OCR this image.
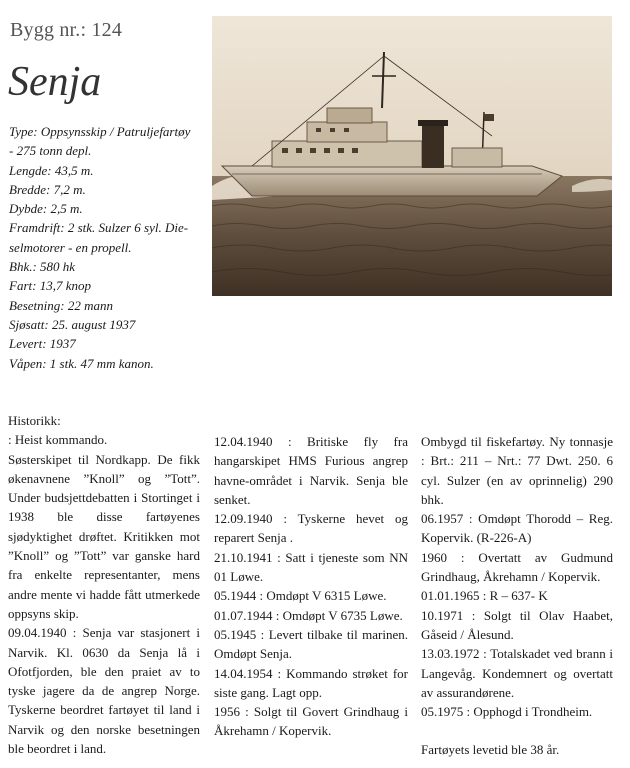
Bygg nr.: 124
Senja
Type: Oppsynsskip / Patruljefartøy
- 275 tonn depl.
Lengde: 43,5 m.
Bredde: 7,2 m.
Dybde: 2,5 m.
Framdrift: 2 stk. Sulzer 6 syl. Die-
selmotorer - en propell.
Bhk.: 580 hk
Fart: 13,7 knop
Besetning: 22 mann
Sjøsatt: 25. august 1937
Levert: 1937
Våpen: 1 stk. 47 mm kanon.

Historikk:

: Heist kommando.

Søsterskipet til Nordkapp. De fikk økenavnene ”Knoll” og ”Tott”. Under budsjettdebatten i Stortinget i 1938 ble disse fartøyenes sjødyktighet drøftet. Kritikken mot ”Knoll” og ”Tott” var ganske hard fra enkelte representanter, mens andre mente vi hadde fått utmerkede oppsyns skip.

09.04.1940 : Senja var stasjonert i Narvik. Kl. 0630 da Senja lå i Ofotfjorden, ble den praiet av to tyske jagere da de angrep Norge. Tyskerne beordret fartøyet til land i Narvik og den norske besetningen ble beordret i land.

12.04.1940 : Britiske fly fra hangarskipet HMS Furious angrep havne-området i Narvik. Senja ble senket.

12.09.1940 : Tyskerne hevet og reparert Senja .

21.10.1941 : Satt i tjeneste som NN 01 Løwe.

05.1944 : Omdøpt V 6315 Løwe.

01.07.1944 : Omdøpt V 6735 Løwe.

05.1945 : Levert tilbake til marinen. Omdøpt Senja.

14.04.1954 : Kommando strøket for siste gang. Lagt opp.

1956 : Solgt til Govert Grindhaug i Åkrehamn / Kopervik.

Ombygd til fiskefartøy. Ny tonnasje : Brt.: 211 – Nrt.: 77 Dwt. 250. 6 cyl. Sulzer (en av oprinnelig) 290 bhk.

06.1957 : Omdøpt Thorodd – Reg. Kopervik. (R-226-A)

1960 : Overtatt av Gudmund Grindhaug, Åkrehamn / Kopervik.

01.01.1965 : R – 637- K

10.1971 : Solgt til Olav Haabet, Gåseid / Ålesund.

13.03.1972 : Totalskadet ved brann i Langevåg. Kondemnert og overtatt av assurandørene.

05.1975 : Opphogd i Trondheim.

Fartøyets levetid ble 38 år.
